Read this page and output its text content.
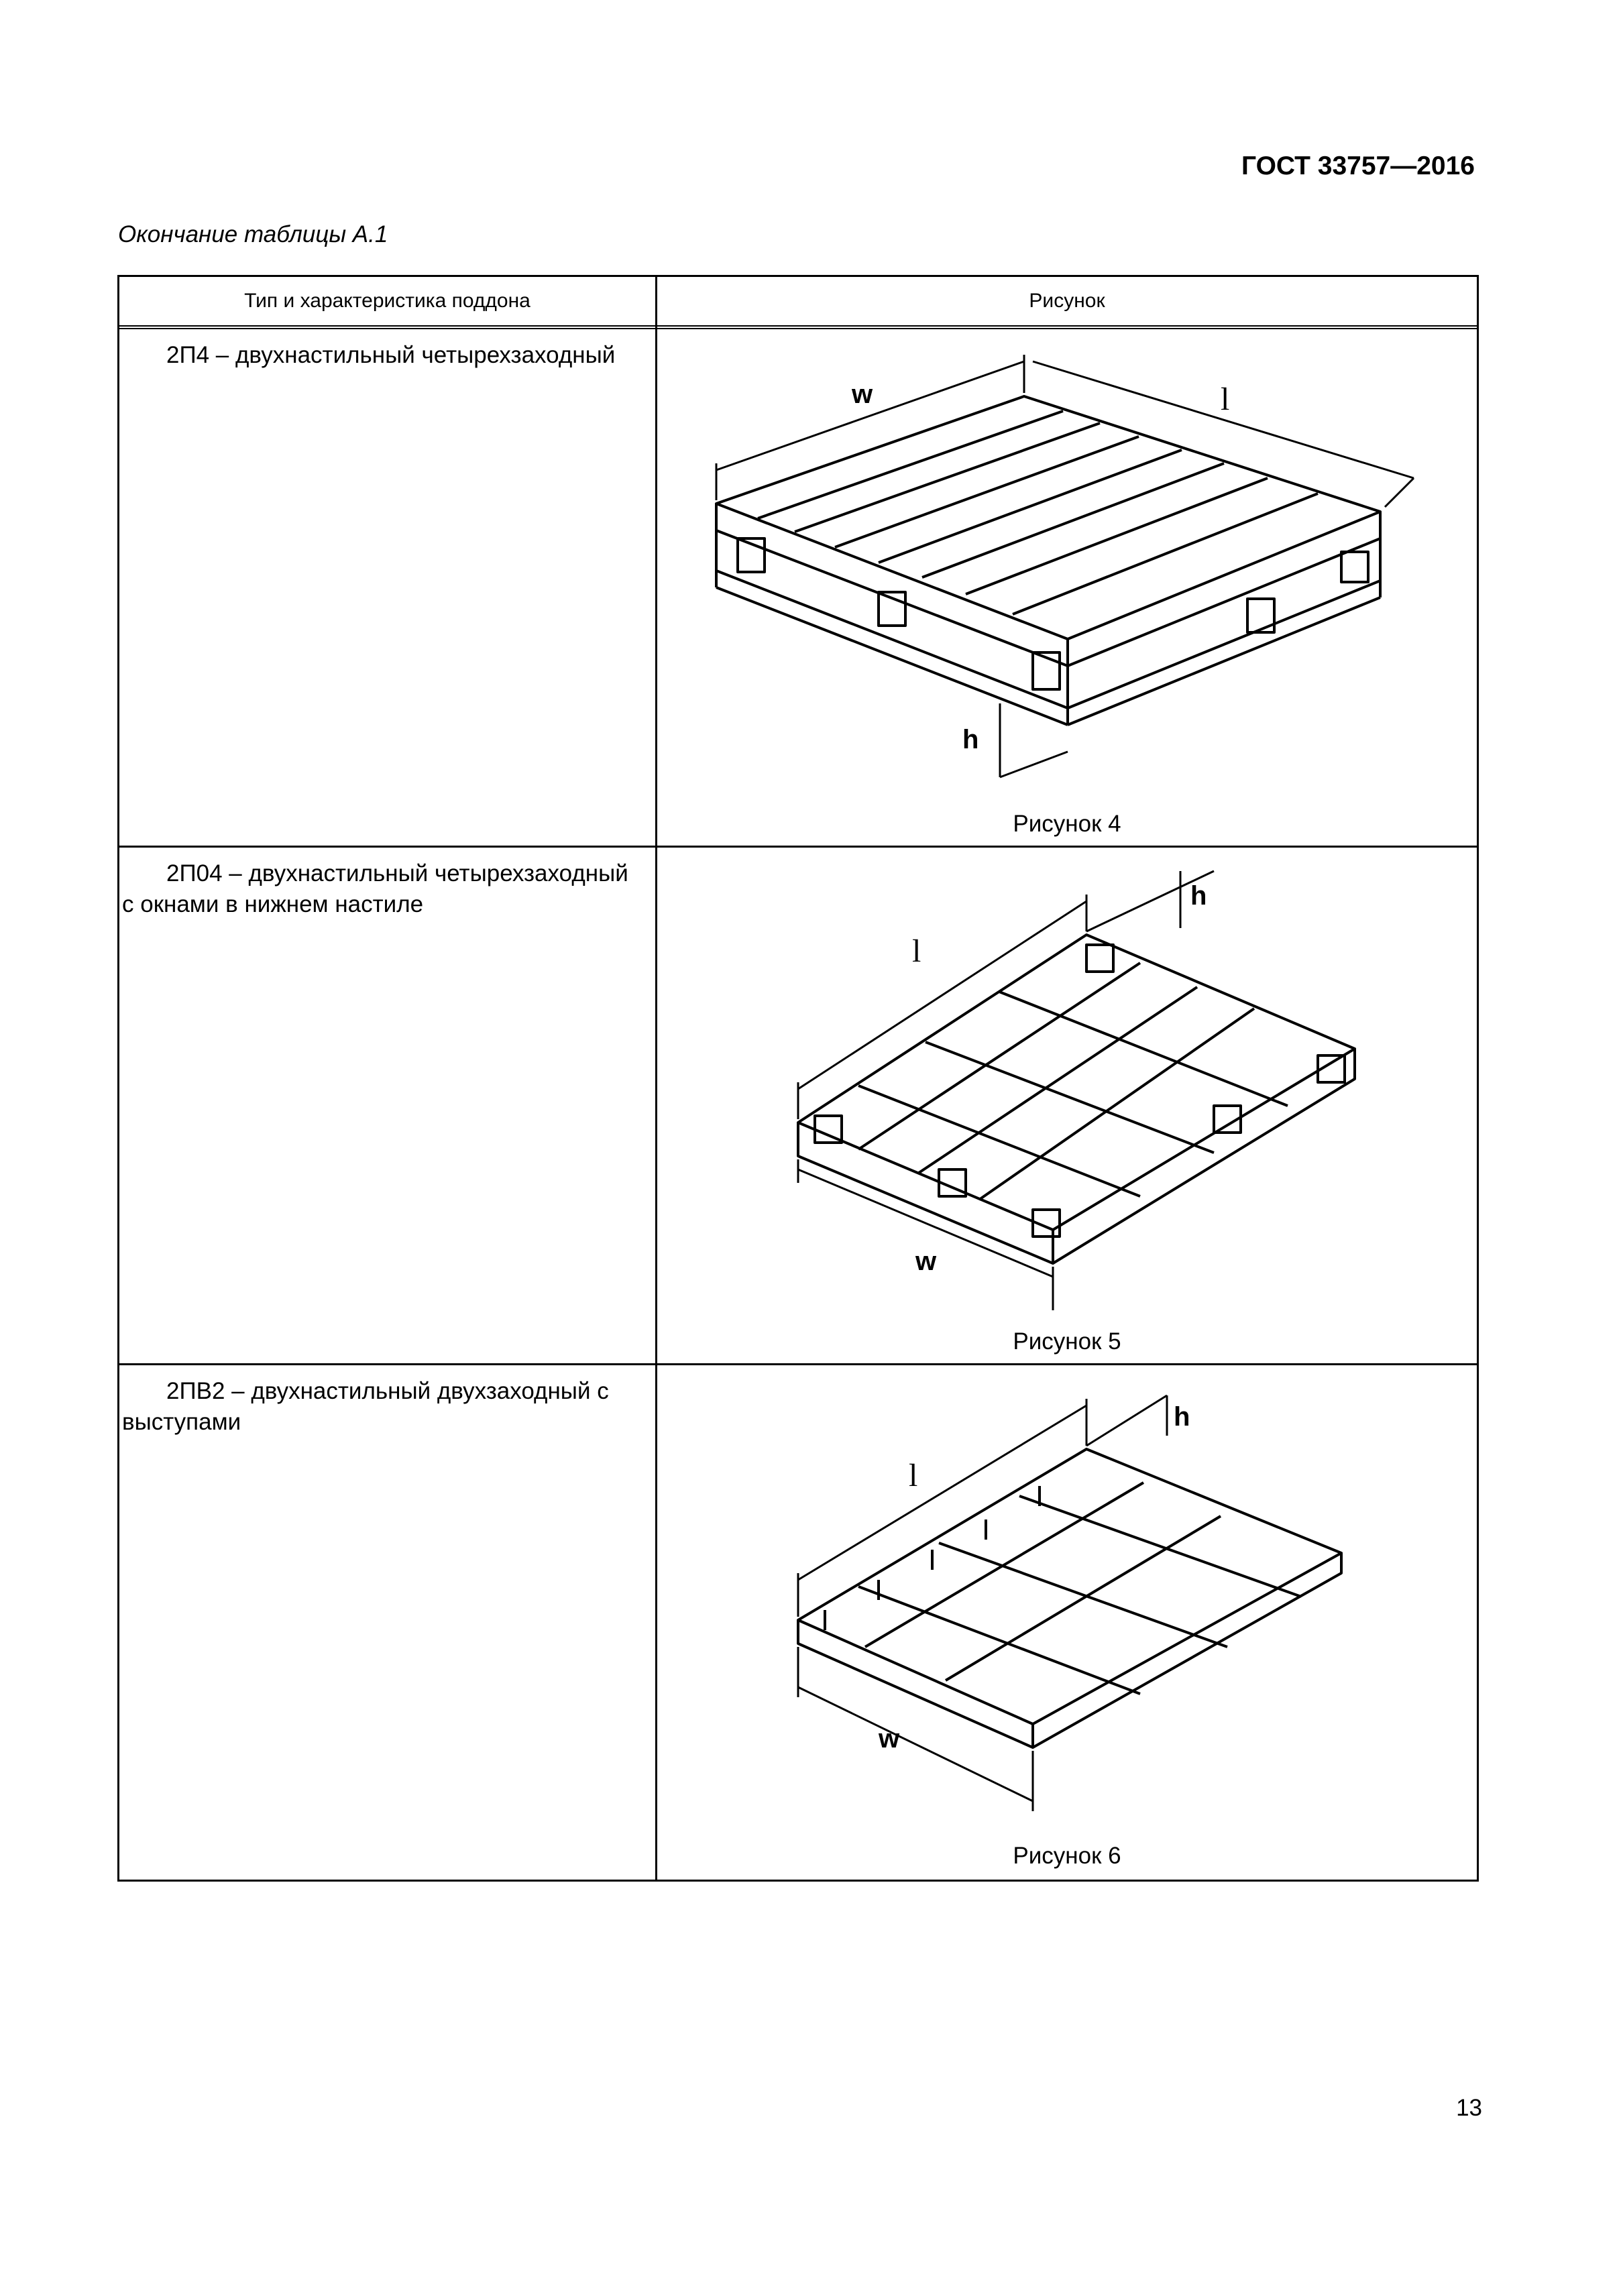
ГОСТ 33757—2016
Окончание таблицы А.1
Тип и характеристика поддона	Рисунок
2П4 – двухнастильный четырехзаходный
w	l
h
Рисунок 4
2П04 – двухнастильный четырехзаходный с окнами в нижнем настиле
l
w
h
Рисунок 5
2ПВ2 – двухнастильный двухзаходный с выступами
l
w
h
Рисунок 6
13
